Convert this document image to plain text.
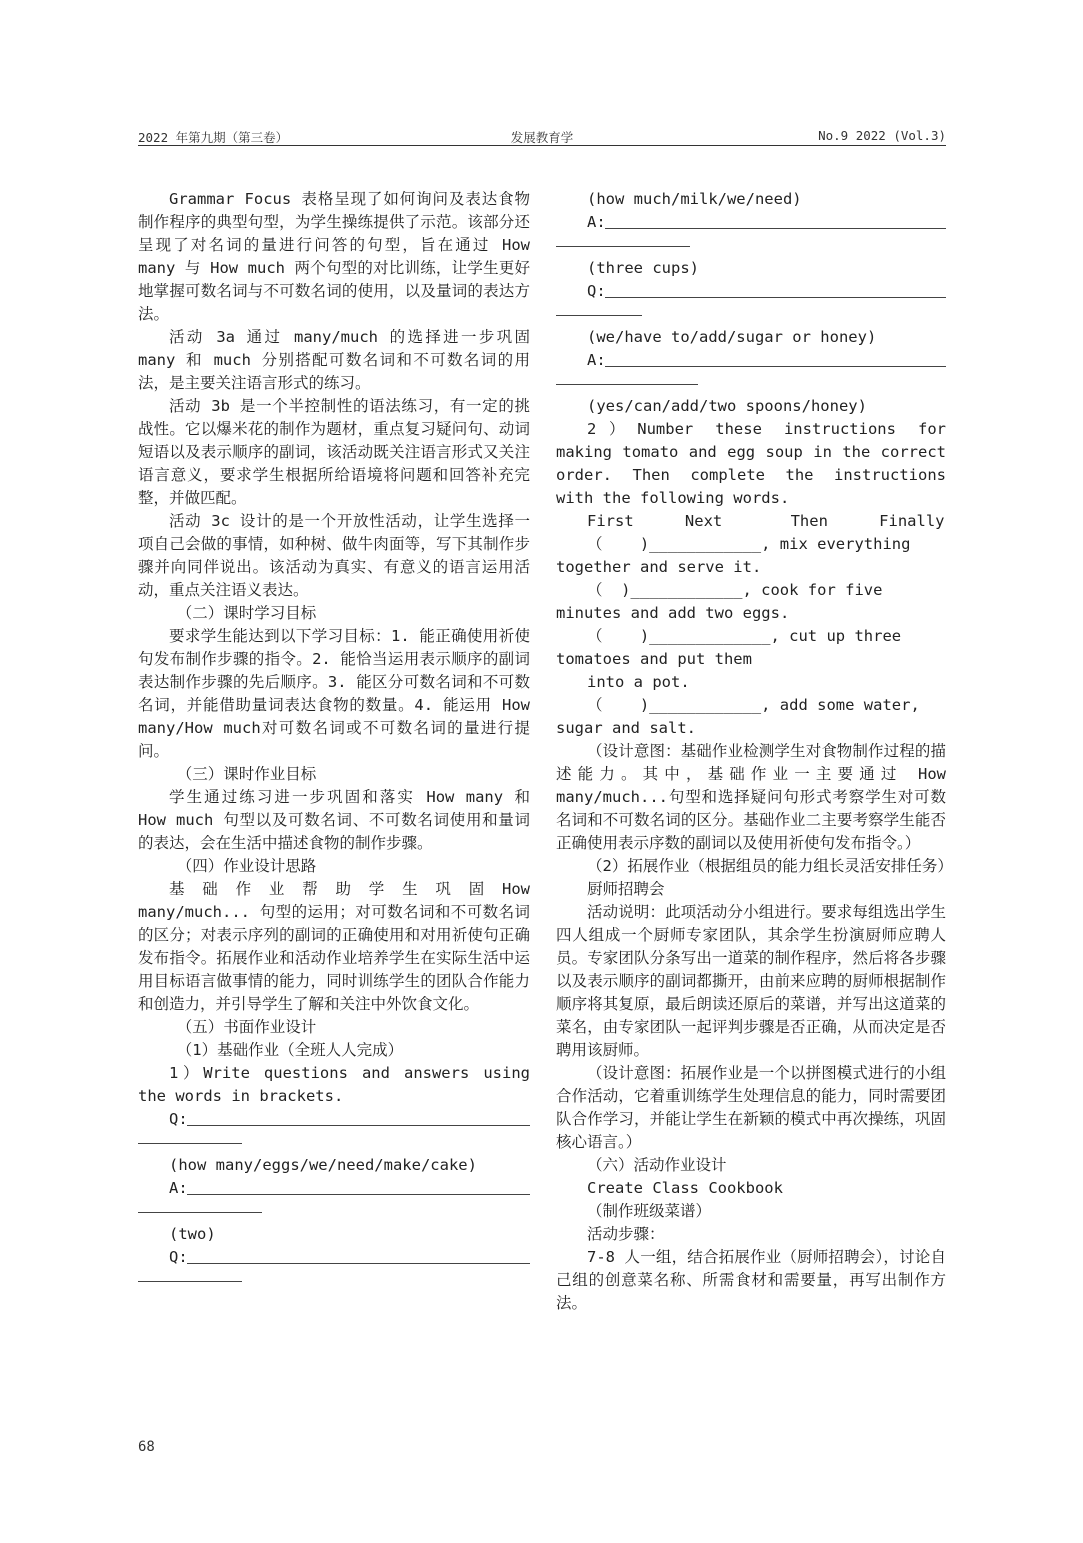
2022 年第九期（第三卷）	发展教育学	No.9 2022 (Vol.3)

Grammar Focus 表格呈现了如何询问及表达食物制作程序的典型句型，为学生操练提供了示范。该部分还呈现了对名词的量进行问答的句型，旨在通过 How many 与 How much 两个句型的对比训练，让学生更好地掌握可数名词与不可数名词的使用，以及量词的表达方法。

活动 3a 通过 many/much 的选择进一步巩固 many 和 much 分别搭配可数名词和不可数名词的用法，是主要关注语言形式的练习。

活动 3b 是一个半控制性的语法练习，有一定的挑战性。它以爆米花的制作为题材，重点复习疑问句、动词短语以及表示顺序的副词，该活动既关注语言形式又关注语言意义，要求学生根据所给语境将问题和回答补充完整，并做匹配。

活动 3c 设计的是一个开放性活动，让学生选择一项自己会做的事情，如种树、做牛肉面等，写下其制作步骤并向同伴说出。该活动为真实、有意义的语言运用活动，重点关注语义表达。

（二）课时学习目标

要求学生能达到以下学习目标：1. 能正确使用祈使句发布制作步骤的指令。2. 能恰当运用表示顺序的副词表达制作步骤的先后顺序。3. 能区分可数名词和不可数名词，并能借助量词表达食物的数量。4. 能运用 How many/How much对可数名词或不可数名词的量进行提问。

（三）课时作业目标

学生通过练习进一步巩固和落实 How many 和 How much 句型以及可数名词、不可数名词使用和量词的表达，会在生活中描述食物的制作步骤。

（四）作业设计思路

基 础 作 业 帮 助 学 生 巩 固 How many/much... 句型的运用；对可数名词和不可数名词的区分；对表示序列的副词的正确使用和对用祈使句正确发布指令。拓展作业和活动作业培养学生在实际生活中运用目标语言做事情的能力，同时训练学生的团队合作能力和创造力，并引导学生了解和关注中外饮食文化。

（五）书面作业设计

（1）基础作业（全班人人完成）

1）Write questions and answers using the words in brackets.

Q:

(how many/eggs/we/need/make/cake)

A:

(two)

Q:

(how much/milk/we/need)

A:

(three cups)

Q:

(we/have to/add/sugar or honey)

A:

(yes/can/add/two spoons/honey)

2）Number these instructions for making tomato and egg soup in the correct order. Then complete the instructions with the following words.

First	Next	Then	Finally

（    )____________, mix everything

together and serve it.

（  )____________, cook for five

minutes and add two eggs.

（    )_____________, cut up three

tomatoes and put them

into a pot.

（    )____________, add some water,

sugar and salt.

（设计意图：基础作业检测学生对食物制作过程的描述能力。其中，基础作业一主要通过 How many/much...句型和选择疑问句形式考察学生对可数名词和不可数名词的区分。基础作业二主要考察学生能否正确使用表示序数的副词以及使用祈使句发布指令。）

（2）拓展作业（根据组员的能力组长灵活安排任务）

厨师招聘会

活动说明：此项活动分小组进行。要求每组选出学生四人组成一个厨师专家团队，其余学生扮演厨师应聘人员。专家团队分条写出一道菜的制作程序，然后将各步骤以及表示顺序的副词都撕开，由前来应聘的厨师根据制作顺序将其复原，最后朗读还原后的菜谱，并写出这道菜的菜名，由专家团队一起评判步骤是否正确，从而决定是否聘用该厨师。

（设计意图：拓展作业是一个以拼图模式进行的小组合作活动，它着重训练学生处理信息的能力，同时需要团队合作学习，并能让学生在新颖的模式中再次操练，巩固核心语言。）

（六）活动作业设计

Create Class Cookbook

（制作班级菜谱）

活动步骤：

7-8 人一组，结合拓展作业（厨师招聘会），讨论自己组的创意菜名称、所需食材和需要量，再写出制作方法。

68
